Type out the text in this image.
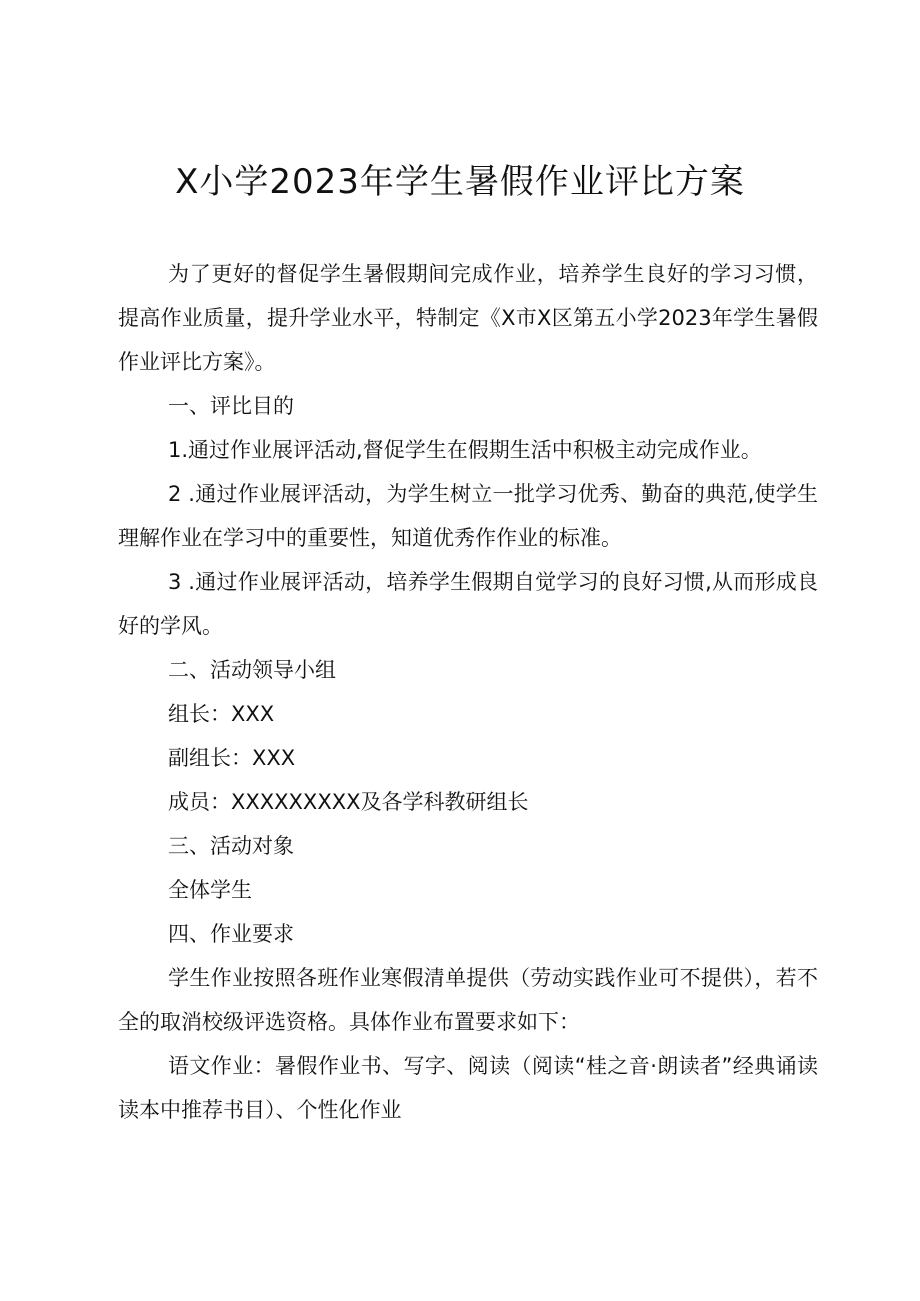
X小学2023年学生暑假作业评比方案

为了更好的督促学生暑假期间完成作业，培养学生良好的学习习惯，提高作业质量，提升学业水平，特制定《X市X区第五小学2023年学生暑假作业评比方案》。

一、评比目的

1.通过作业展评活动,督促学生在假期生活中积极主动完成作业。

2 .通过作业展评活动，为学生树立一批学习优秀、勤奋的典范,使学生理解作业在学习中的重要性，知道优秀作作业的标准。

3 .通过作业展评活动，培养学生假期自觉学习的良好习惯,从而形成良好的学风。

二、活动领导小组

组长：XXX

副组长：XXX

成员：XXXXXXXXX及各学科教研组长

三、活动对象

全体学生

四、作业要求

学生作业按照各班作业寒假清单提供（劳动实践作业可不提供），若不全的取消校级评选资格。具体作业布置要求如下：

语文作业：暑假作业书、写字、阅读（阅读“桂之音·朗读者”经典诵读读本中推荐书目）、个性化作业
